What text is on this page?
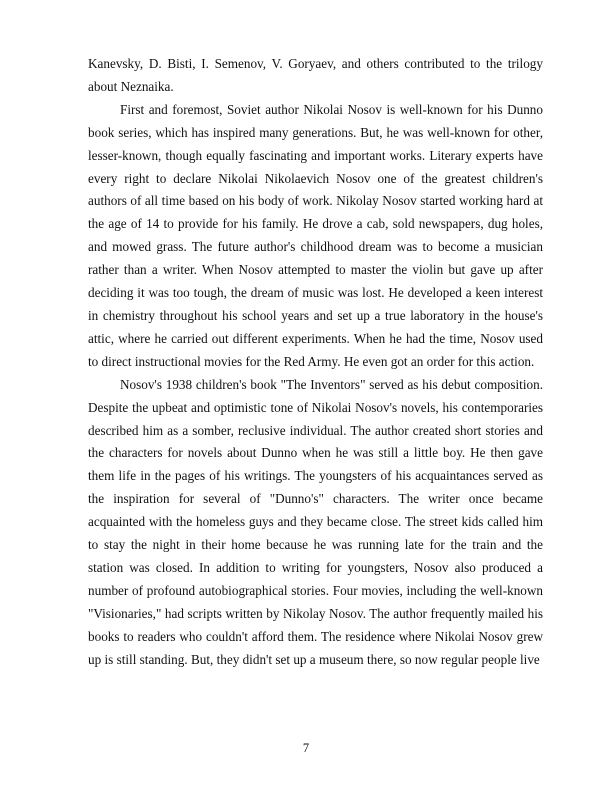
Kanevsky, D. Bisti, I. Semenov, V. Goryaev, and others contributed to the trilogy about Neznaika.

First and foremost, Soviet author Nikolai Nosov is well-known for his Dunno book series, which has inspired many generations. But, he was well-known for other, lesser-known, though equally fascinating and important works. Literary experts have every right to declare Nikolai Nikolaevich Nosov one of the greatest children's authors of all time based on his body of work. Nikolay Nosov started working hard at the age of 14 to provide for his family. He drove a cab, sold newspapers, dug holes, and mowed grass. The future author's childhood dream was to become a musician rather than a writer. When Nosov attempted to master the violin but gave up after deciding it was too tough, the dream of music was lost. He developed a keen interest in chemistry throughout his school years and set up a true laboratory in the house's attic, where he carried out different experiments. When he had the time, Nosov used to direct instructional movies for the Red Army. He even got an order for this action.

Nosov's 1938 children's book "The Inventors" served as his debut composition. Despite the upbeat and optimistic tone of Nikolai Nosov's novels, his contemporaries described him as a somber, reclusive individual. The author created short stories and the characters for novels about Dunno when he was still a little boy. He then gave them life in the pages of his writings. The youngsters of his acquaintances served as the inspiration for several of "Dunno's" characters. The writer once became acquainted with the homeless guys and they became close. The street kids called him to stay the night in their home because he was running late for the train and the station was closed. In addition to writing for youngsters, Nosov also produced a number of profound autobiographical stories. Four movies, including the well-known "Visionaries," had scripts written by Nikolay Nosov. The author frequently mailed his books to readers who couldn't afford them. The residence where Nikolai Nosov grew up is still standing. But, they didn't set up a museum there, so now regular people live

7
